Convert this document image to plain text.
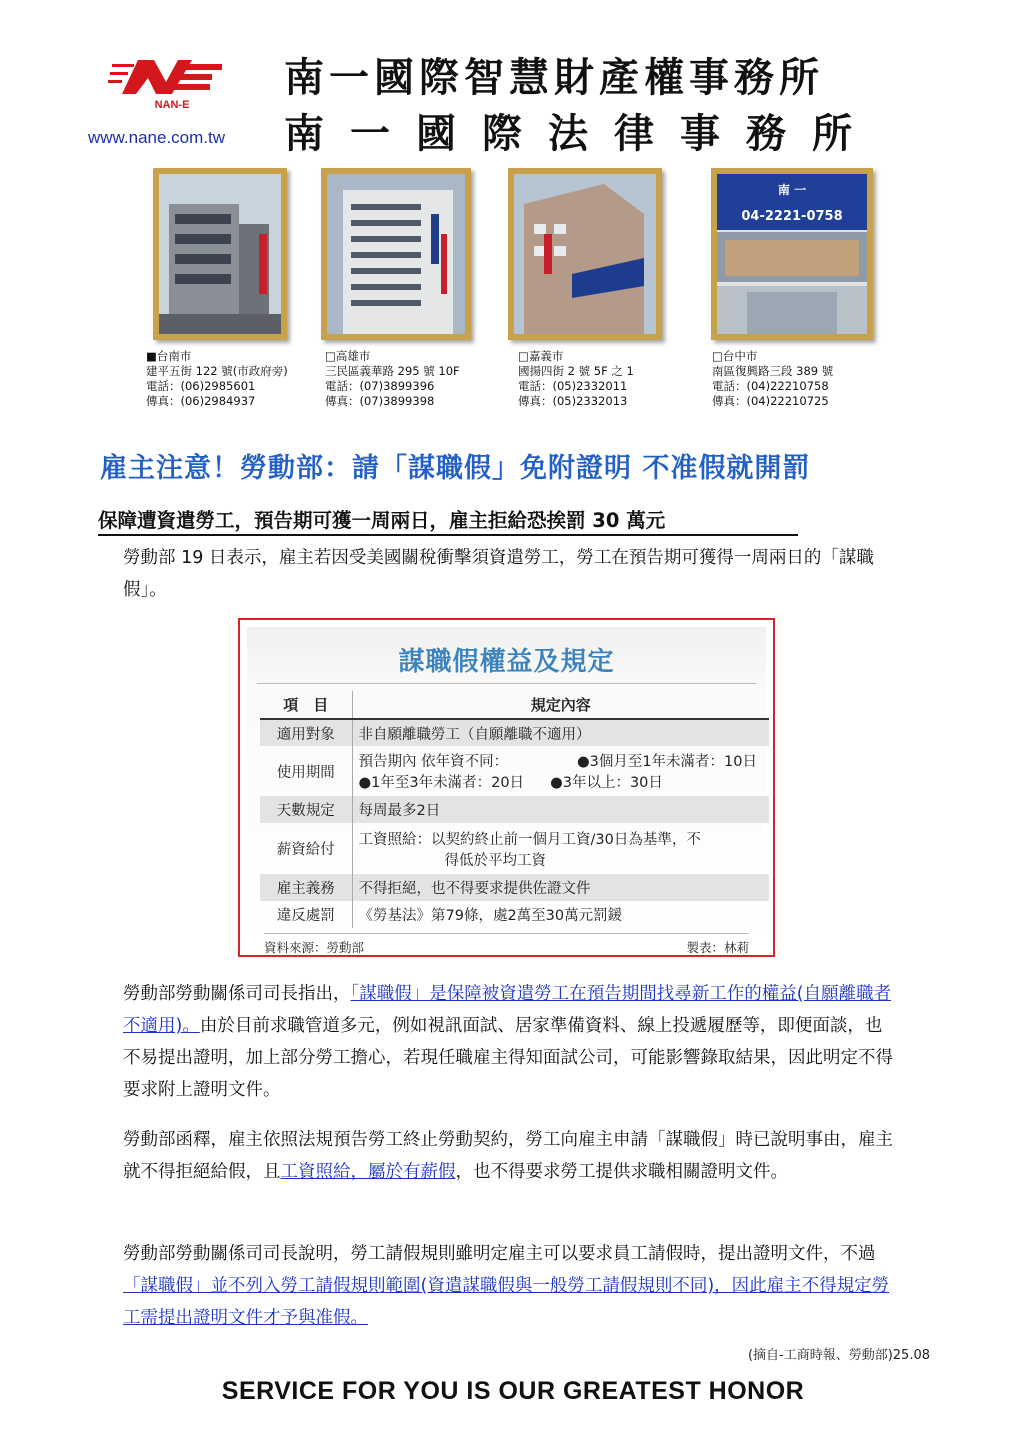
NAN-E
www.nane.com.tw
南一國際智慧財產權事務所
南一國際法律事務所
南 一
04-2221-0758
■台南市
建平五街 122 號(市政府旁)
電話：(06)2985601
傳真：(06)2984937
□高雄市
三民區義華路 295 號 10F
電話：(07)3899396
傳真：(07)3899398
□嘉義市
國揚四街 2 號 5F 之 1
電話：(05)2332011
傳真：(05)2332013
□台中市
南區復興路三段 389 號
電話：(04)22210758
傳真：(04)22210725
雇主注意！勞動部：請「謀職假」免附證明 不准假就開罰
保障遭資遣勞工，預告期可獲一周兩日，雇主拒給恐挨罰 30 萬元
勞動部 19 日表示，雇主若因受美國關稅衝擊須資遣勞工，勞工在預告期可獲得一周兩日的「謀職假」。
謀職假權益及規定
項　目	規定內容
適用對象	非自願離職勞工（自願離職不適用）
使用期間	預告期內 依年資不同： ●3個月至1年未滿者：10日
●1年至3年未滿者：20日 ●3年以上：30日

天數規定	每周最多2日
薪資給付	工資照給：以契約終止前一個月工資/30日為基準，不
得低於平均工資

雇主義務	不得拒絕，也不得要求提供佐證文件
違反處罰	《勞基法》第79條，處2萬至30萬元罰鍰
資料來源：勞動部	製表：林莉
勞動部勞動關係司司長指出，「謀職假」是保障被資遣勞工在預告期間找尋新工作的權益(自願離職者不適用)。由於目前求職管道多元，例如視訊面試、居家準備資料、線上投遞履歷等，即便面談，也不易提出證明，加上部分勞工擔心，若現任職雇主得知面試公司，可能影響錄取結果，因此明定不得要求附上證明文件。
勞動部函釋，雇主依照法規預告勞工終止勞動契約，勞工向雇主申請「謀職假」時已說明事由，雇主就不得拒絕給假，且工資照給，屬於有薪假，也不得要求勞工提供求職相關證明文件。
勞動部勞動關係司司長說明，勞工請假規則雖明定雇主可以要求員工請假時，提出證明文件，不過「謀職假」並不列入勞工請假規則範圍(資遣謀職假與一般勞工請假規則不同)，因此雇主不得規定勞工需提出證明文件才予與准假。
(摘自-工商時報、勞動部)25.08
SERVICE FOR YOU IS OUR GREATEST HONOR
